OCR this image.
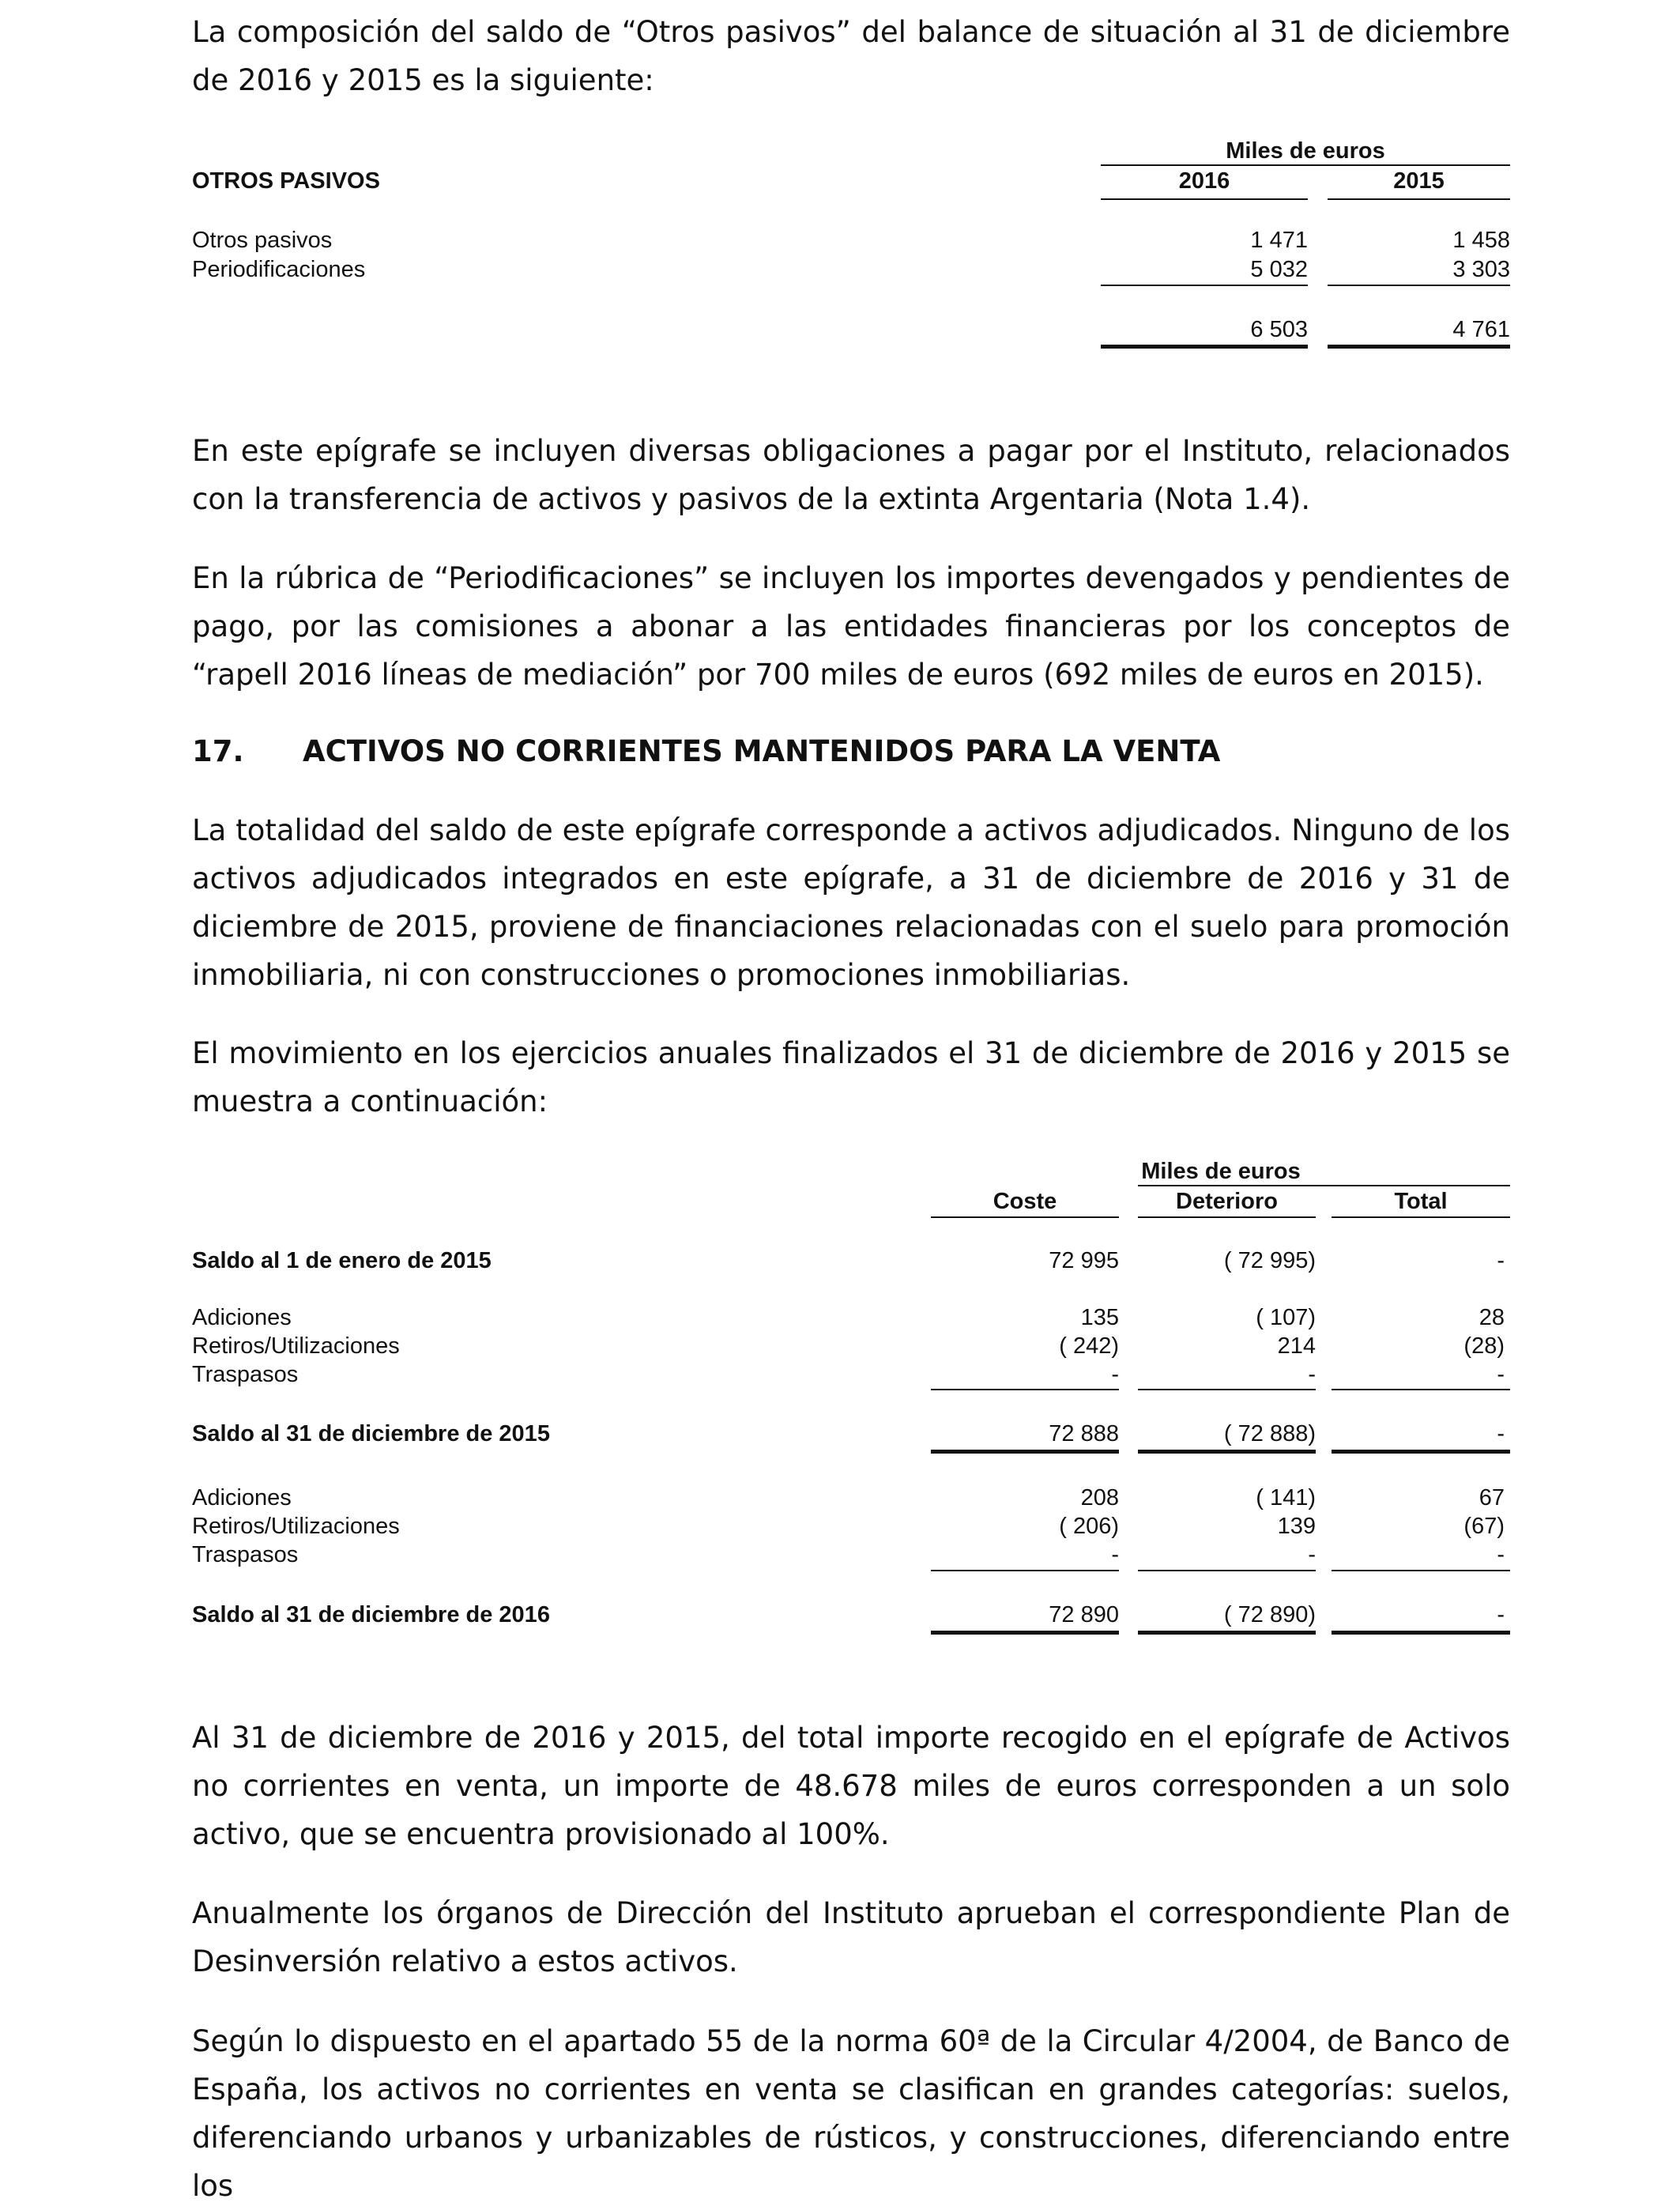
La composición del saldo de “Otros pasivos” del balance de situación al 31 de diciembre de 2016 y 2015 es la siguiente:

Miles de euros
OTROS PASIVOS	2016	2015
Otros pasivos	1 471	1 458
Periodificaciones	5 032	3 303
6 503	4 761

En este epígrafe se incluyen diversas obligaciones a pagar por el Instituto, relacionados con la transferencia de activos y pasivos de la extinta Argentaria (Nota 1.4).

En la rúbrica de “Periodificaciones” se incluyen los importes devengados y pendientes de pago, por las comisiones a abonar a las entidades financieras por los conceptos de “rapell 2016 líneas de mediación” por 700 miles de euros (692 miles de euros en 2015).

17. ACTIVOS NO CORRIENTES MANTENIDOS PARA LA VENTA

La totalidad del saldo de este epígrafe corresponde a activos adjudicados. Ninguno de los activos adjudicados integrados en este epígrafe, a 31 de diciembre de 2016 y 31 de diciembre de 2015, proviene de financiaciones relacionadas con el suelo para promoción inmobiliaria, ni con construcciones o promociones inmobiliarias.

El movimiento en los ejercicios anuales finalizados el 31 de diciembre de 2016 y 2015 se muestra a continuación:

Miles de euros
Coste	Deterioro	Total
Saldo al 1 de enero de 2015	72 995	( 72 995)	-
Adiciones	135	( 107)	28
Retiros/Utilizaciones	( 242)	214	(28)
Traspasos	-	-	-
Saldo al 31 de diciembre de 2015	72 888	( 72 888)	-
Adiciones	208	( 141)	67
Retiros/Utilizaciones	( 206)	139	(67)
Traspasos	-	-	-
Saldo al 31 de diciembre de 2016	72 890	( 72 890)	-

Al 31 de diciembre de 2016 y 2015, del total importe recogido en el epígrafe de Activos no corrientes en venta, un importe de 48.678 miles de euros corresponden a un solo activo, que se encuentra provisionado al 100%.

Anualmente los órganos de Dirección del Instituto aprueban el correspondiente Plan de Desinversión relativo a estos activos.

Según lo dispuesto en el apartado 55 de la norma 60ª de la Circular 4/2004, de Banco de España, los activos no corrientes en venta se clasifican en grandes categorías: suelos, diferenciando urbanos y urbanizables de rústicos, y construcciones, diferenciando entre los
